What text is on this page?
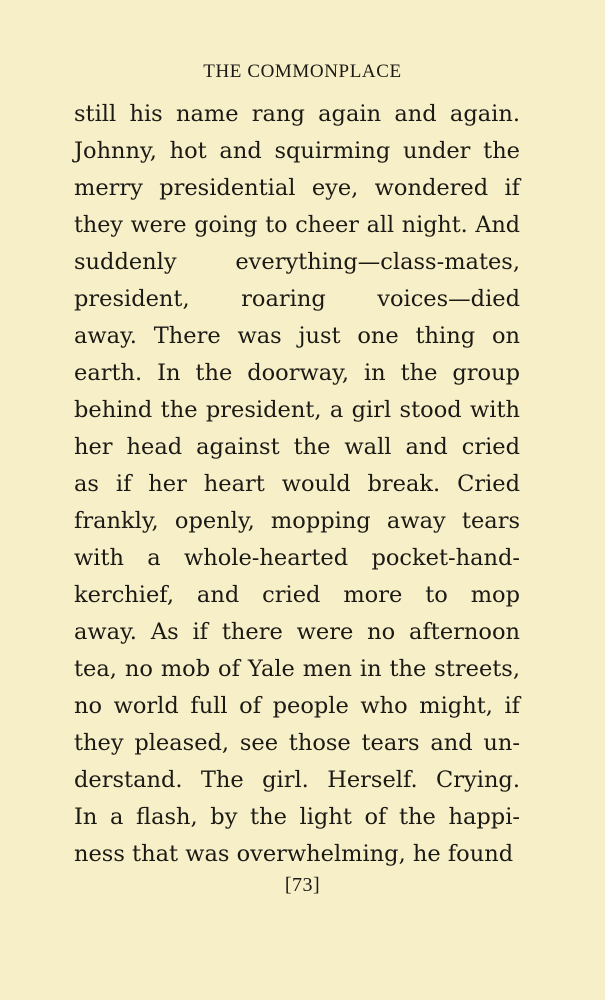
THE COMMONPLACE
still his name rang again and again.
Johnny, hot and squirming under the
merry presidential eye, wondered if
they were going to cheer all night. And
suddenly everything—class-mates,
president, roaring voices—died
away. There was just one thing on
earth. In the doorway, in the group
behind the president, a girl stood with
her head against the wall and cried
as if her heart would break. Cried
frankly, openly, mopping away tears
with a whole-hearted pocket-hand-
kerchief, and cried more to mop
away. As if there were no afternoon
tea, no mob of Yale men in the streets,
no world full of people who might, if
they pleased, see those tears and un-
derstand. The girl. Herself. Crying.
In a flash, by the light of the happi-
ness that was overwhelming, he found
[73]
